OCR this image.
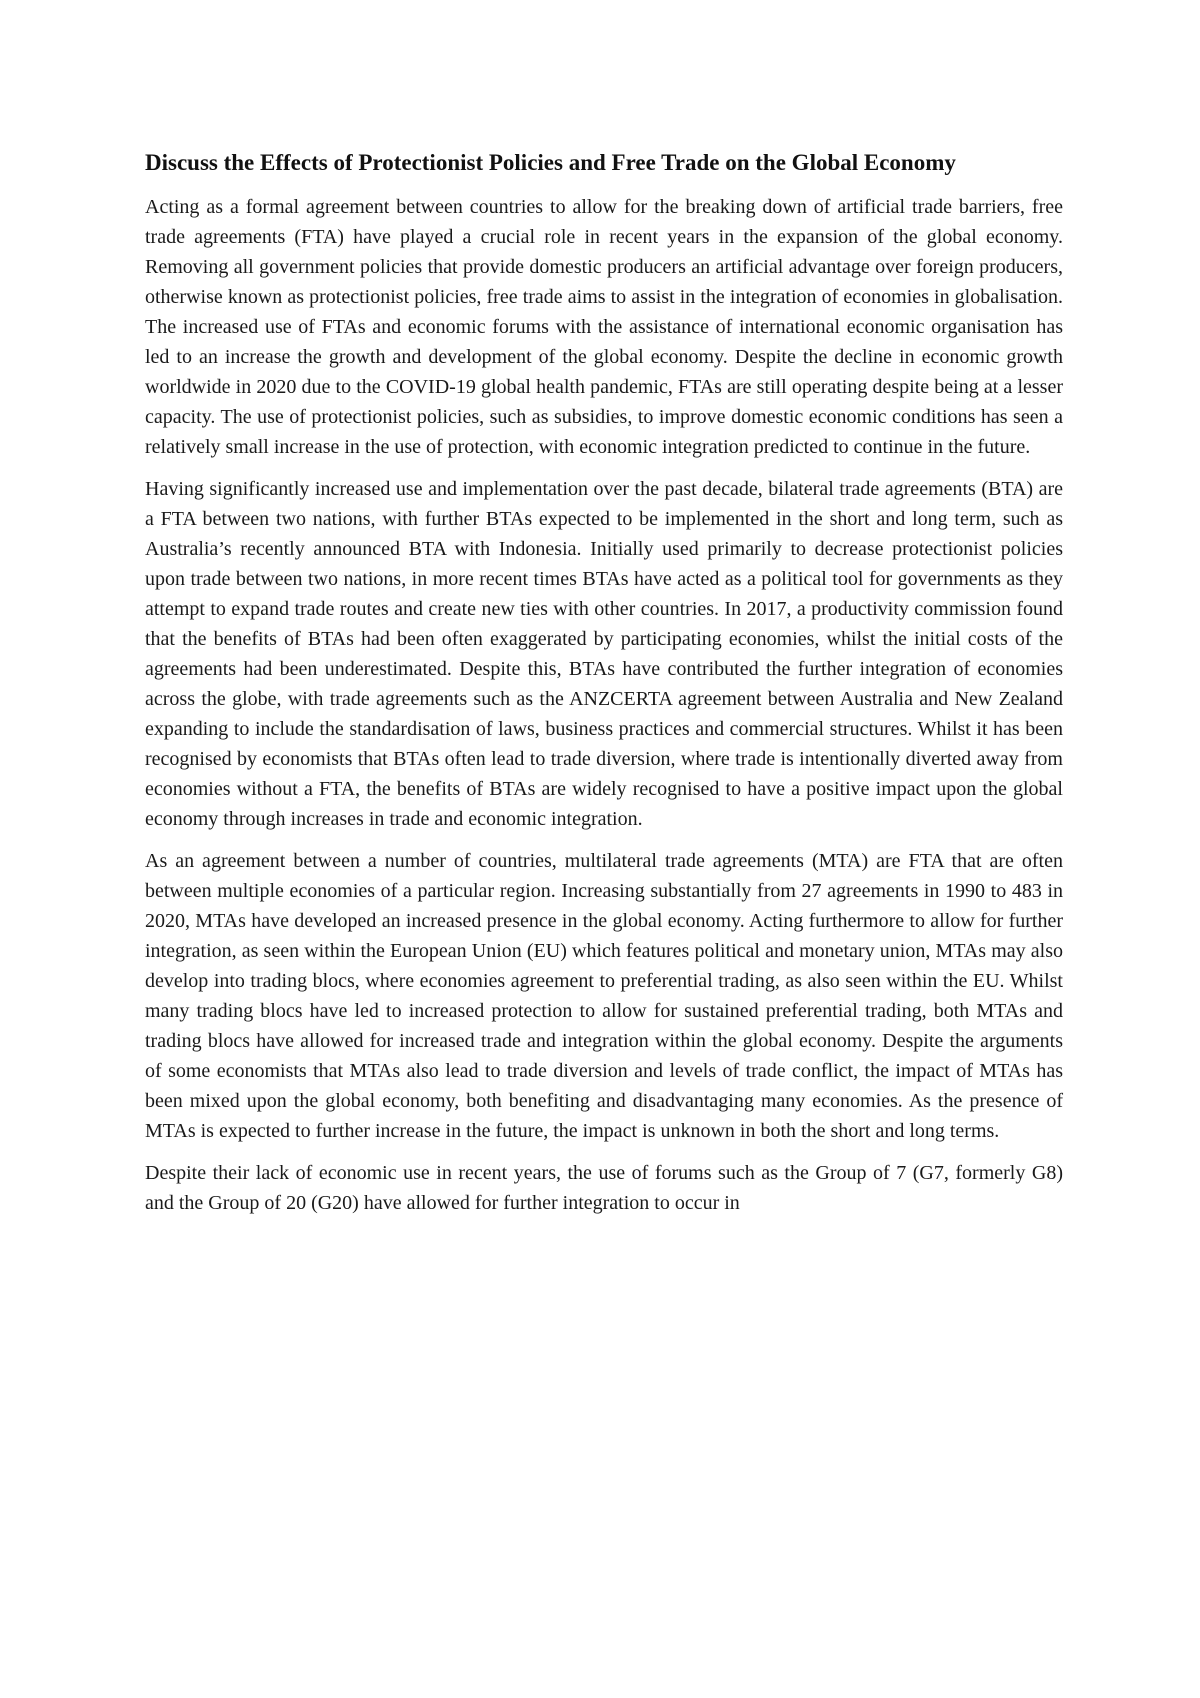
Discuss the Effects of Protectionist Policies and Free Trade on the Global Economy

Acting as a formal agreement between countries to allow for the breaking down of artificial trade barriers, free trade agreements (FTA) have played a crucial role in recent years in the expansion of the global economy. Removing all government policies that provide domestic producers an artificial advantage over foreign producers, otherwise known as protectionist policies, free trade aims to assist in the integration of economies in globalisation. The increased use of FTAs and economic forums with the assistance of international economic organisation has led to an increase the growth and development of the global economy. Despite the decline in economic growth worldwide in 2020 due to the COVID-19 global health pandemic, FTAs are still operating despite being at a lesser capacity. The use of protectionist policies, such as subsidies, to improve domestic economic conditions has seen a relatively small increase in the use of protection, with economic integration predicted to continue in the future.

Having significantly increased use and implementation over the past decade, bilateral trade agreements (BTA) are a FTA between two nations, with further BTAs expected to be implemented in the short and long term, such as Australia’s recently announced BTA with Indonesia. Initially used primarily to decrease protectionist policies upon trade between two nations, in more recent times BTAs have acted as a political tool for governments as they attempt to expand trade routes and create new ties with other countries. In 2017, a productivity commission found that the benefits of BTAs had been often exaggerated by participating economies, whilst the initial costs of the agreements had been underestimated. Despite this, BTAs have contributed the further integration of economies across the globe, with trade agreements such as the ANZCERTA agreement between Australia and New Zealand expanding to include the standardisation of laws, business practices and commercial structures. Whilst it has been recognised by economists that BTAs often lead to trade diversion, where trade is intentionally diverted away from economies without a FTA, the benefits of BTAs are widely recognised to have a positive impact upon the global economy through increases in trade and economic integration.

As an agreement between a number of countries, multilateral trade agreements (MTA) are FTA that are often between multiple economies of a particular region. Increasing substantially from 27 agreements in 1990 to 483 in 2020, MTAs have developed an increased presence in the global economy. Acting furthermore to allow for further integration, as seen within the European Union (EU) which features political and monetary union, MTAs may also develop into trading blocs, where economies agreement to preferential trading, as also seen within the EU. Whilst many trading blocs have led to increased protection to allow for sustained preferential trading, both MTAs and trading blocs have allowed for increased trade and integration within the global economy. Despite the arguments of some economists that MTAs also lead to trade diversion and levels of trade conflict, the impact of MTAs has been mixed upon the global economy, both benefiting and disadvantaging many economies. As the presence of MTAs is expected to further increase in the future, the impact is unknown in both the short and long terms.

Despite their lack of economic use in recent years, the use of forums such as the Group of 7 (G7, formerly G8) and the Group of 20 (G20) have allowed for further integration to occur in
